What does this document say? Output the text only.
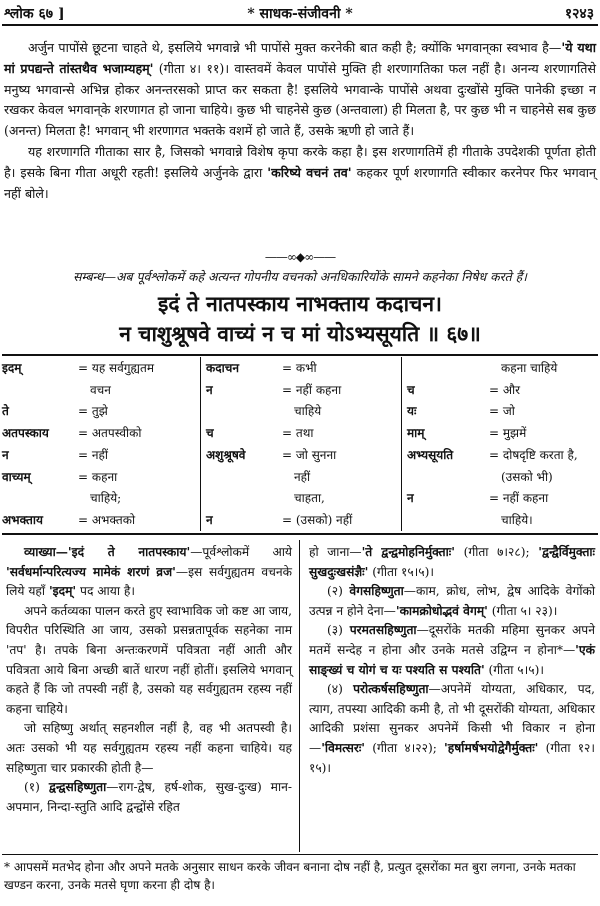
श्लोक ६७ ]	* साधक-संजीवनी *	१२४३

अर्जुन पापोंसे छूटना चाहते थे, इसलिये भगवान्ने भी पापोंसे मुक्त करनेकी बात कही है; क्योंकि भगवान्‌का स्वभाव है—'ये यथा मां प्रपद्यन्ते तांस्तथैव भजाम्यहम्' (गीता ४। ११)। वास्तवमें केवल पापोंसे मुक्ति ही शरणागतिका फल नहीं है। अनन्य शरणागतिसे मनुष्य भगवान्से अभिन्न होकर अनन्तरसको प्राप्त कर सकता है! इसलिये भगवान्के पापोंसे अथवा दुःखोंसे मुक्ति पानेकी इच्छा न रखकर केवल भगवान्‌के शरणागत हो जाना चाहिये। कुछ भी चाहनेसे कुछ (अन्तवाला) ही मिलता है, पर कुछ भी न चाहनेसे सब कुछ (अनन्त) मिलता है! भगवान् भी शरणागत भक्तके वशमें हो जाते हैं, उसके ऋणी हो जाते हैं।

यह शरणागति गीताका सार है, जिसको भगवान्ने विशेष कृपा करके कहा है। इस शरणागतिमें ही गीताके उपदेशकी पूर्णता होती है। इसके बिना गीता अधूरी रहती! इसलिये अर्जुनके द्वारा 'करिष्ये वचनं तव' कहकर पूर्ण शरणागति स्वीकार करनेपर फिर भगवान् नहीं बोले।

——∞◆∞——
सम्बन्ध—अब पूर्वश्लोकमें कहे अत्यन्त गोपनीय वचनको अनधिकारियोंके सामने कहनेका निषेध करते हैं।
इदं ते नातपस्काय नाभक्ताय कदाचन।
न चाशुश्रूषवे वाच्यं न च मां योऽभ्यसूयति ॥ ६७॥
इदम्	= यह सर्वगुह्यतम
वचन
ते	= तुझे
अतपस्काय = अतपस्वीको
न	= नहीं
वाच्यम्	= कहना
चाहिये;
अभक्ताय	= अभक्तको
कदाचन	= कभी
न	= नहीं कहना
चाहिये
च	= तथा
अशुश्रूषवे	= जो सुनना
नहीं
चाहता,
न	= (उसको) नहीं
कहना चाहिये
च	= और
यः	= जो
माम्	= मुझमें
अभ्यसूयति	= दोषदृष्टि करता है,
(उसको भी)
न	= नहीं कहना
चाहिये।

व्याख्या—'इदं ते नातपस्काय'—पूर्वश्लोकमें आये 'सर्वधर्मान्परित्यज्य मामेकं शरणं व्रज'—इस सर्वगुह्यतम वचनके लिये यहाँ 'इदम्' पद आया है।

अपने कर्तव्यका पालन करते हुए स्वाभाविक जो कष्ट आ जाय, विपरीत परिस्थिति आ जाय, उसको प्रसन्नतापूर्वक सहनेका नाम 'तप' है। तपके बिना अन्तःकरणमें पवित्रता नहीं आती और पवित्रता आये बिना अच्छी बातें धारण नहीं होतीं। इसलिये भगवान् कहते हैं कि जो तपस्वी नहीं है, उसको यह सर्वगुह्यतम रहस्य नहीं कहना चाहिये।

जो सहिष्णु अर्थात् सहनशील नहीं है, वह भी अतपस्वी है। अतः उसको भी यह सर्वगुह्यतम रहस्य नहीं कहना चाहिये। यह सहिष्णुता चार प्रकारकी होती है—

(१) द्वन्द्वसहिष्णुता—राग-द्वेष, हर्ष-शोक, सुख-दुःख) मान-अपमान, निन्दा-स्तुति आदि द्वन्द्वोंसे रहित

हो जाना—'ते द्वन्द्वमोहनिर्मुक्ताः' (गीता ७।२८); 'द्वन्द्वैर्विमुक्ताः सुखदुःखसंज्ञैः' (गीता १५।५)।

(२) वेगसहिष्णुता—काम, क्रोध, लोभ, द्वेष आदिके वेगोंको उत्पन्न न होने देना—'कामक्रोधोद्भवं वेगम्' (गीता ५। २३)।

(३) परमतसहिष्णुता—दूसरोंके मतकी महिमा सुनकर अपने मतमें सन्देह न होना और उनके मतसे उद्विग्न न होना*—'एकं साङ्ख्यं च योगं च यः पश्यति स पश्यति' (गीता ५।५)।

(४) परोत्कर्षसहिष्णुता—अपनेमें योग्यता, अधिकार, पद, त्याग, तपस्या आदिकी कमी है, तो भी दूसरोंकी योग्यता, अधिकार आदिकी प्रशंसा सुनकर अपनेमें किसी भी विकार न होना—'विमत्सरः' (गीता ४।२२); 'हर्षामर्षभयोद्वेगैर्मुक्तः' (गीता १२। १५)।

* आपसमें मतभेद होना और अपने मतके अनुसार साधन करके जीवन बनाना दोष नहीं है, प्रत्युत दूसरोंका मत बुरा लगना, उनके मतका खण्डन करना, उनके मतसे घृणा करना ही दोष है।
